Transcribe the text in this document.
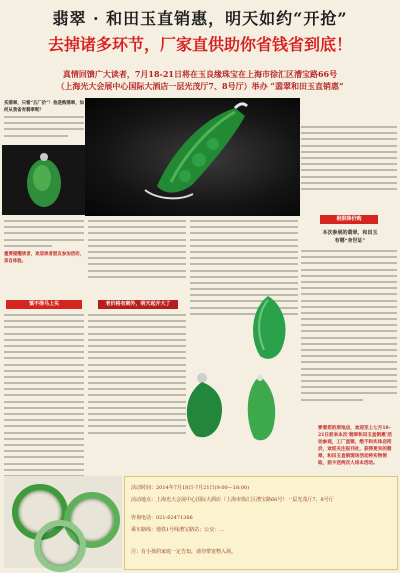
翡翠 · 和田玉直销惠，明天如约“开抢”
去掉诸多环节，厂家直供助你省钱省到底！
真情回馈广大读者，7月18-21日将在玉良缘珠宝在上海市徐汇区漕宝路66号
（上海光大会展中心国际大酒店一层光茂厅7、8号厅）举办 “翡翠和田玉直销惠”
买翡翠，只看“五厂价”！他是购翡翠，如何从我省有翡翠呢？
重要提醒读者，欢迎读者朋友参加活动，亲自体验。
慎不得马上买	老价格有刺外，明天起开大了
极限降价购
本次参展的翡翠，和田玉
有哪“身世证”
要看您的原地店，欢迎至上七月18-21日前来本次‘翡翠和田玉直销惠’活动参观，工厂直销，绝不和实体店同价，欢迎关注报刊社，获得更实的翡翠，和田玉直销现场活动将实物领取，前卡送两次人场本活动。
活动时间：2014年7月18日-7月21日(9:00—18:00)
活动地点：上海光大会展中心国际大酒店（上海市徐汇区漕宝路66号）一层光茂厅7、8号厅
咨询电话：021-62471366
乘车路线：地铁1号线漕宝路站；公交：...
注：有小孩的家庭一定告知，请勿带宠物入场。
